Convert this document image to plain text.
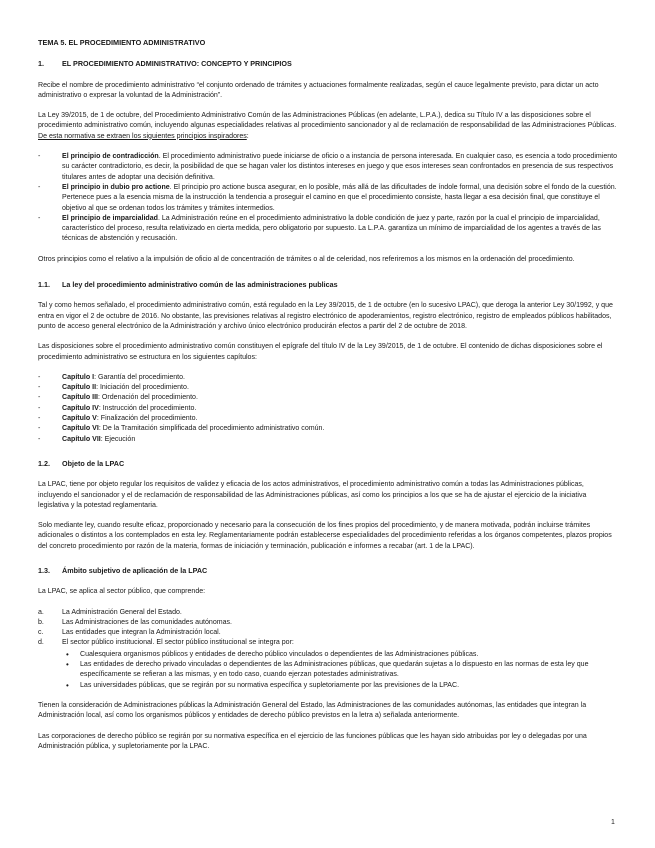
TEMA 5. EL PROCEDIMIENTO ADMINISTRATIVO

1.	EL PROCEDIMIENTO ADMINISTRATIVO: CONCEPTO Y PRINCIPIOS

Recibe el nombre de procedimiento administrativo “el conjunto ordenado de trámites y actuaciones formalmente realizadas, según el cauce legalmente previsto, para dictar un acto administrativo o expresar la voluntad de la Administración”.

La Ley 39/2015, de 1 de octubre, del Procedimiento Administrativo Común de las Administraciones Públicas (en adelante, L.P.A.), dedica su Título IV a las disposiciones sobre el procedimiento administrativo común, incluyendo algunas especialidades relativas al procedimiento sancionador y al de reclamación de responsabilidad de las Administraciones Públicas. De esta normativa se extraen los siguientes principios inspiradores:

- El principio de contradicción. El procedimiento administrativo puede iniciarse de oficio o a instancia de persona interesada. En cualquier caso, es esencia a todo procedimiento su carácter contradictorio, es decir, la posibilidad de que se hagan valer los distintos intereses en juego y que esos intereses sean confrontados en presencia de sus respectivos titulares antes de adoptar una decisión definitiva.
- El principio in dubio pro actione. El principio pro actione busca asegurar, en lo posible, más allá de las dificultades de índole formal, una decisión sobre el fondo de la cuestión. Pertenece pues a la esencia misma de la instrucción la tendencia a proseguir el camino en que el procedimiento consiste, hasta llegar a esa decisión final, que constituye el objetivo al que se ordenan todos los trámites y trámites intermedios.
- El principio de imparcialidad. La Administración reúne en el procedimiento administrativo la doble condición de juez y parte, razón por la cual el principio de imparcialidad, característico del proceso, resulta relativizado en cierta medida, pero obligatorio por supuesto. La L.P.A. garantiza un mínimo de imparcialidad de los agentes a través de las técnicas de abstención y recusación.

Otros principios como el relativo a la impulsión de oficio al de concentración de trámites o al de celeridad, nos referiremos a los mismos en la ordenación del procedimiento.

1.1. La ley del procedimiento administrativo común de las administraciones publicas

Tal y como hemos señalado, el procedimiento administrativo común, está regulado en la Ley 39/2015, de 1 de octubre (en lo sucesivo LPAC), que deroga la anterior Ley 30/1992, y que entra en vigor el 2 de octubre de 2016. No obstante, las previsiones relativas al registro electrónico de apoderamientos, registro electrónico, registro de empleados públicos habilitados, punto de acceso general electrónico de la Administración y archivo único electrónico producirán efectos a partir del 2 de octubre de 2018.

Las disposiciones sobre el procedimiento administrativo común constituyen el epígrafe del título IV de la Ley 39/2015, de 1 de octubre. El contenido de dichas disposiciones sobre el procedimiento administrativo se estructura en los siguientes capítulos:

- Capítulo I: Garantía del procedimiento.
- Capítulo II: Iniciación del procedimiento.
- Capítulo III: Ordenación del procedimiento.
- Capítulo IV: Instrucción del procedimiento.
- Capítulo V: Finalización del procedimiento.
- Capítulo VI: De la Tramitación simplificada del procedimiento administrativo común.
- Capítulo VII: Ejecución

1.2. Objeto de la LPAC

La LPAC, tiene por objeto regular los requisitos de validez y eficacia de los actos administrativos, el procedimiento administrativo común a todas las Administraciones públicas, incluyendo el sancionador y el de reclamación de responsabilidad de las Administraciones públicas, así como los principios a los que se ha de ajustar el ejercicio de la iniciativa legislativa y la potestad reglamentaria.

Solo mediante ley, cuando resulte eficaz, proporcionado y necesario para la consecución de los fines propios del procedimiento, y de manera motivada, podrán incluirse trámites adicionales o distintos a los contemplados en esta ley. Reglamentariamente podrán establecerse especialidades del procedimiento referidas a los órganos competentes, plazos propios del concreto procedimiento por razón de la materia, formas de iniciación y terminación, publicación e informes a recabar (art. 1 de la LPAC).

1.3. Ámbito subjetivo de aplicación de la LPAC

La LPAC, se aplica al sector público, que comprende:

a.	La Administración General del Estado.
b.	Las Administraciones de las comunidades autónomas.
c.	Las entidades que integran la Administración local.
d.	El sector público institucional. El sector público institucional se integra por:
• Cualesquiera organismos públicos y entidades de derecho público vinculados o dependientes de las Administraciones públicas.
• Las entidades de derecho privado vinculadas o dependientes de las Administraciones públicas, que quedarán sujetas a lo dispuesto en las normas de esta ley que específicamente se refieran a las mismas, y en todo caso, cuando ejerzan potestades administrativas.
• Las universidades públicas, que se regirán por su normativa específica y supletoriamente por las previsiones de la LPAC.

Tienen la consideración de Administraciones públicas la Administración General del Estado, las Administraciones de las comunidades autónomas, las entidades que integran la Administración local, así como los organismos públicos y entidades de derecho público previstos en la letra a) señalada anteriormente.

Las corporaciones de derecho público se regirán por su normativa específica en el ejercicio de las funciones públicas que les hayan sido atribuidas por ley o delegadas por una Administración pública, y supletoriamente por la LPAC.

1
